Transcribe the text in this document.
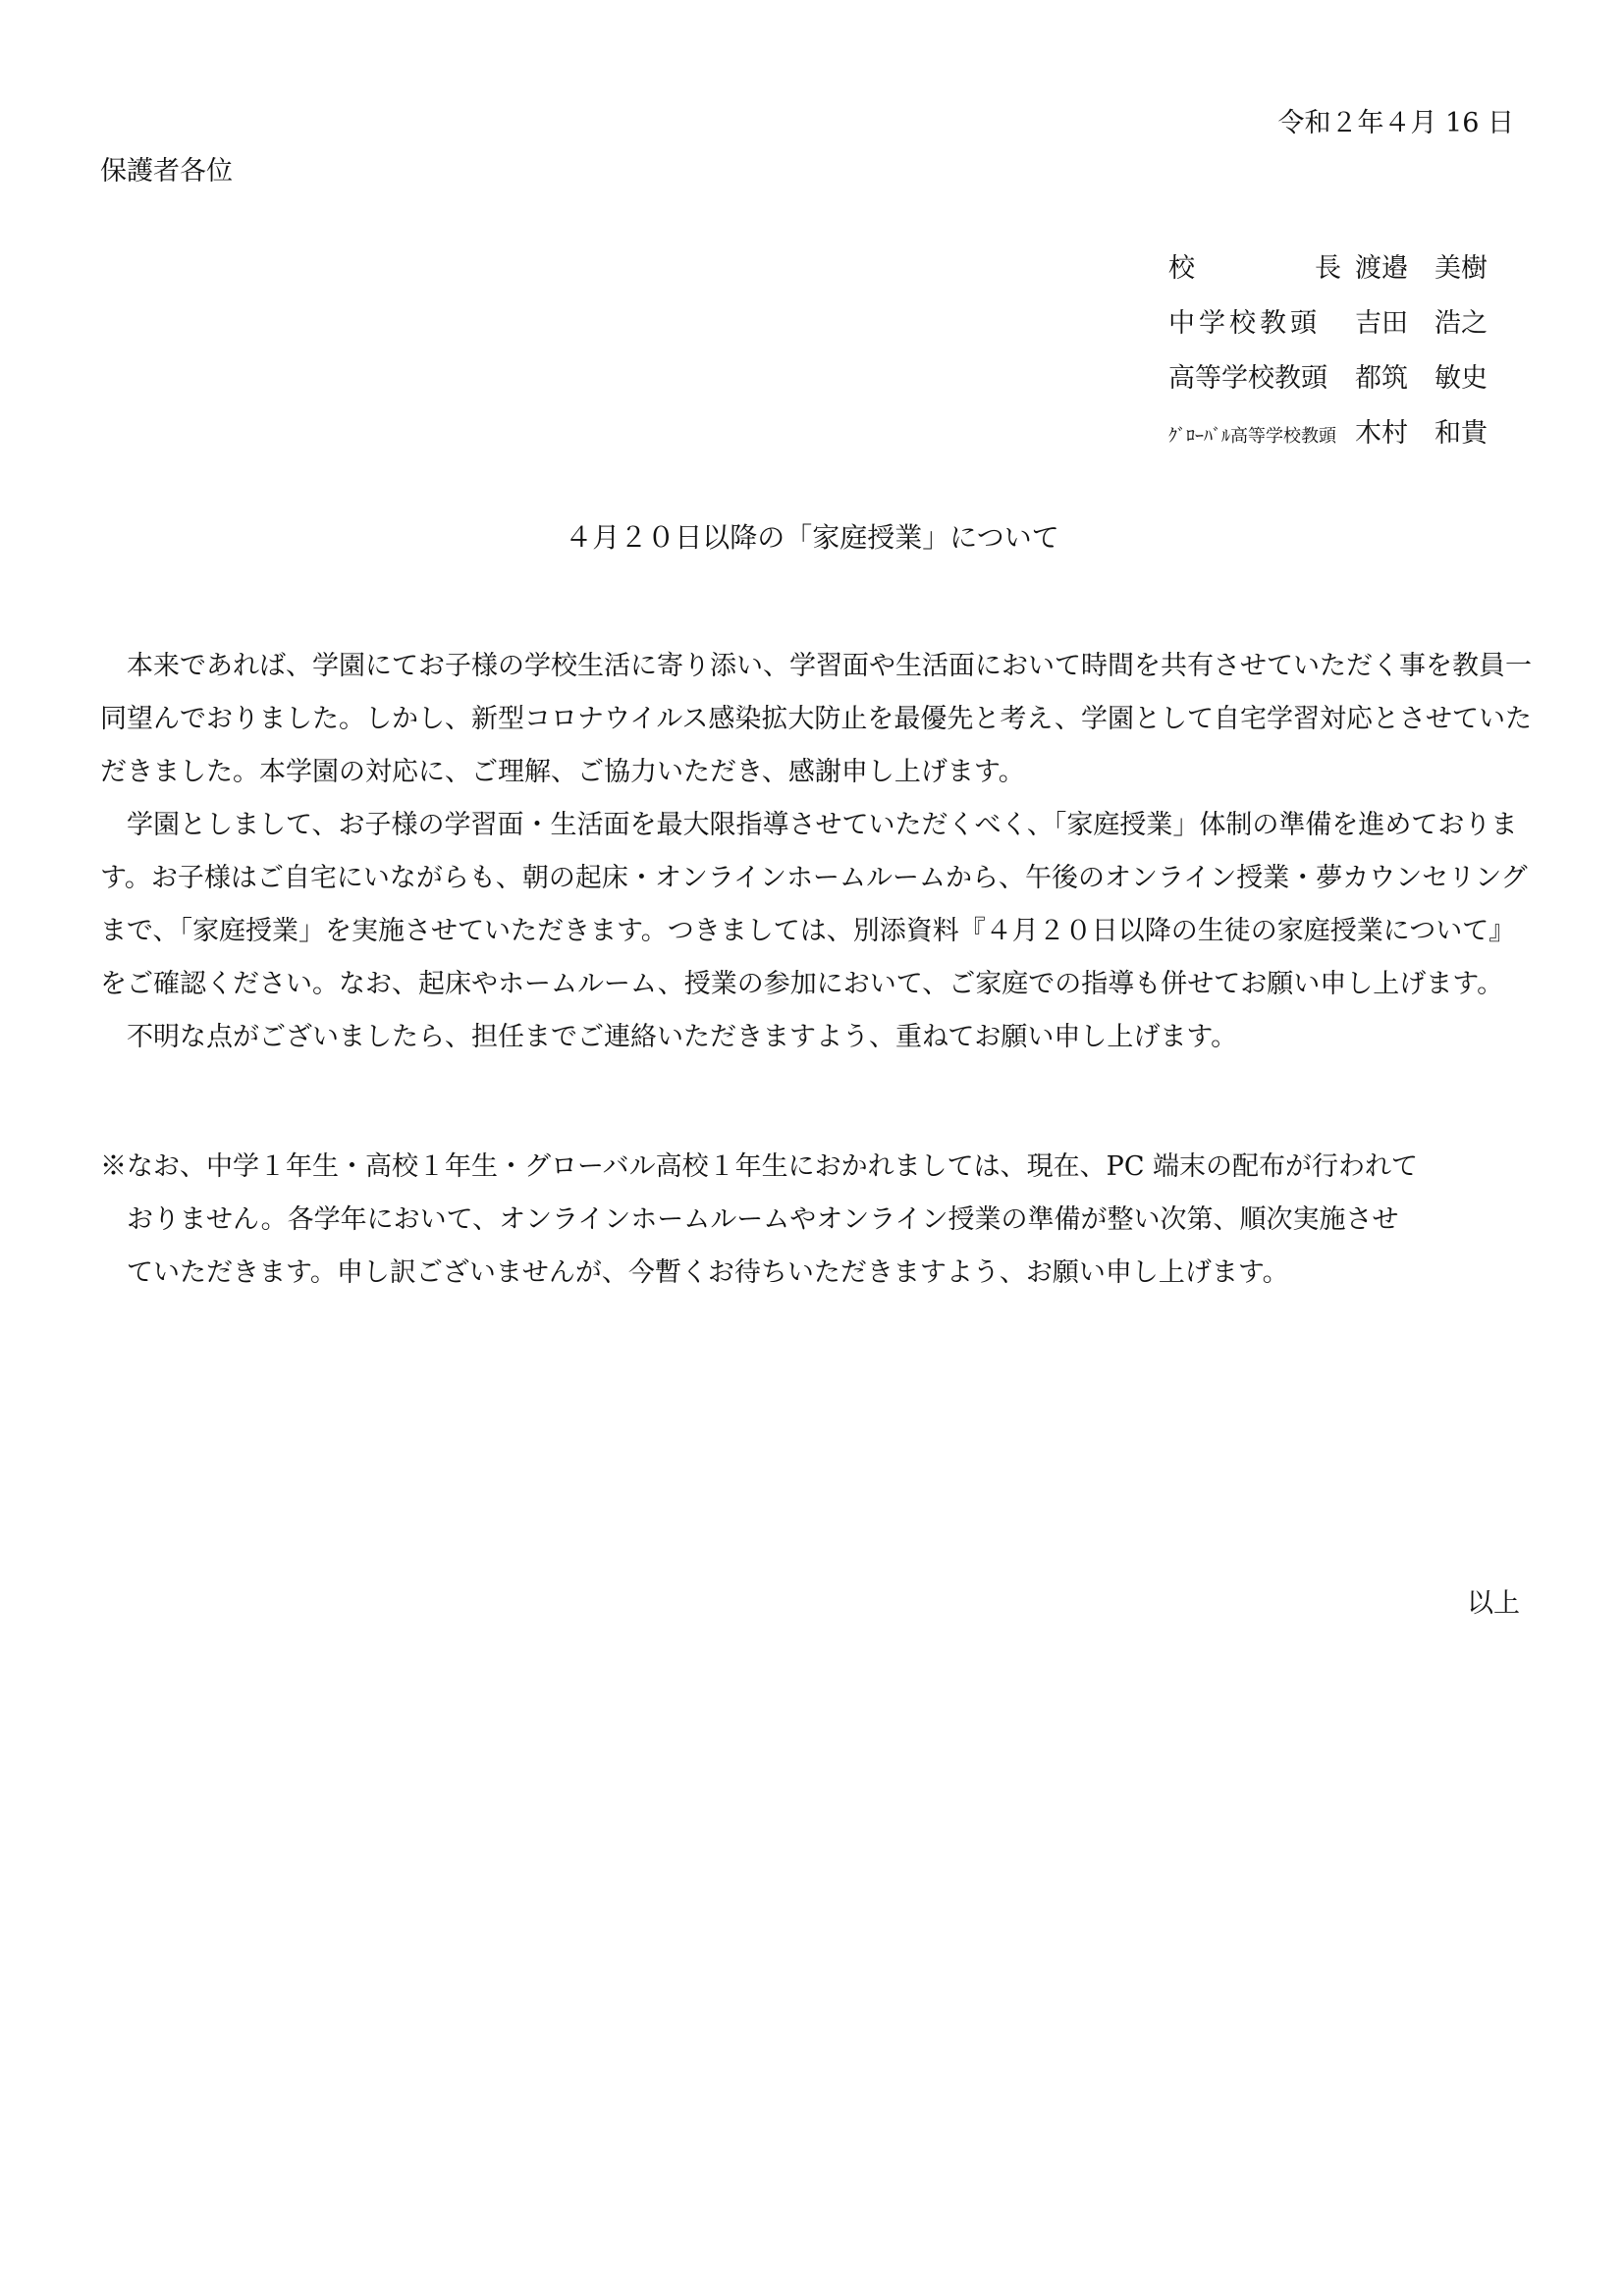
令和２年４月 16 日

保護者各位

校	長 渡邉　美樹
中学校教頭	吉田　浩之
高等学校教頭	都筑　敏史
ｸﾞﾛｰﾊﾞﾙ高等学校教頭 木村　和貴
４月２０日以降の「家庭授業」について

本来であれば、学園にてお子様の学校生活に寄り添い、学習面や生活面において時間を共有させていただく事を教員一同望んでおりました。しかし、新型コロナウイルス感染拡大防止を最優先と考え、学園として自宅学習対応とさせていただきました。本学園の対応に、ご理解、ご協力いただき、感謝申し上げます。

学園としまして、お子様の学習面・生活面を最大限指導させていただくべく、「家庭授業」体制の準備を進めております。お子様はご自宅にいながらも、朝の起床・オンラインホームルームから、午後のオンライン授業・夢カウンセリングまで、「家庭授業」を実施させていただきます。つきましては、別添資料『４月２０日以降の生徒の家庭授業について』をご確認ください。なお、起床やホームルーム、授業の参加において、ご家庭での指導も併せてお願い申し上げます。

不明な点がございましたら、担任までご連絡いただきますよう、重ねてお願い申し上げます。

※なお、中学１年生・高校１年生・グローバル高校１年生におかれましては、現在、PC 端末の配布が行われて

おりません。各学年において、オンラインホームルームやオンライン授業の準備が整い次第、順次実施させ

ていただきます。申し訳ございませんが、今暫くお待ちいただきますよう、お願い申し上げます。

以上
